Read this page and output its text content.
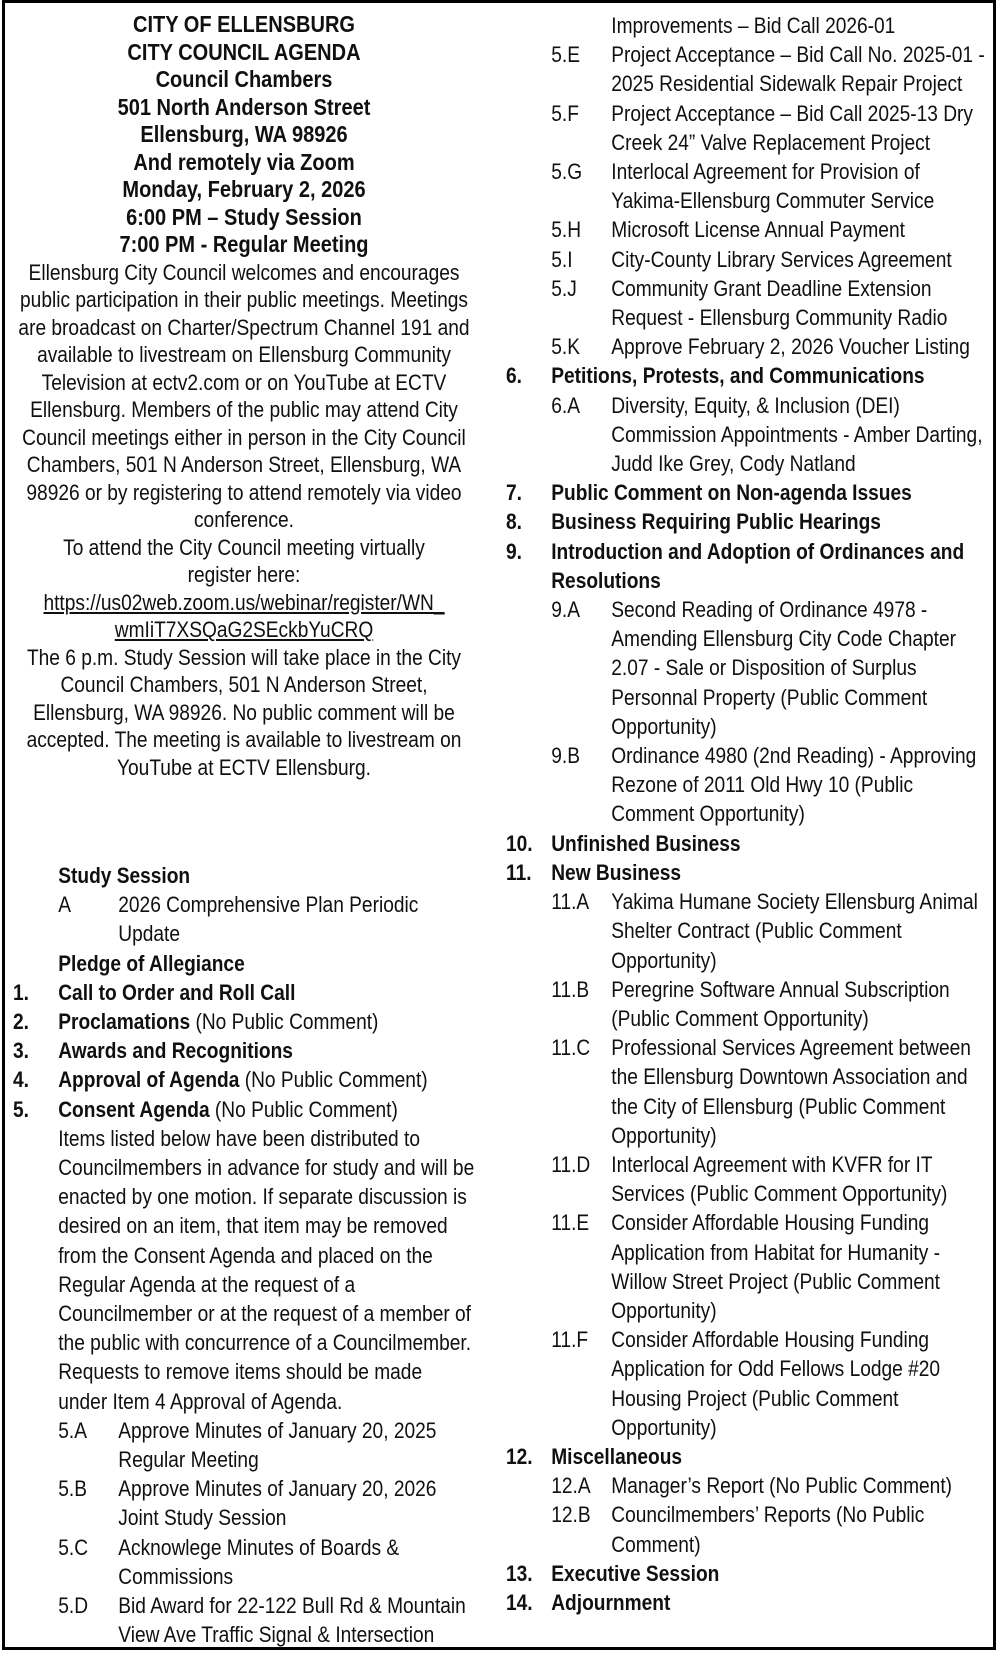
CITY OF ELLENSBURG
CITY COUNCIL AGENDA
Council Chambers
501 North Anderson Street
Ellensburg, WA 98926
And remotely via Zoom
Monday, February 2, 2026
6:00 PM – Study Session
7:00 PM - Regular Meeting
Ellensburg City Council welcomes and encourages public participation in their public meetings. Meetings are broadcast on Charter/Spectrum Channel 191 and available to livestream on Ellensburg Community Television at ectv2.com or on YouTube at ECTV Ellensburg. Members of the public may attend City Council meetings either in person in the City Council Chambers, 501 N Anderson Street, Ellensburg, WA 98926 or by registering to attend remotely via video conference.
To attend the City Council meeting virtually
register here:
https://us02web.zoom.us/webinar/register/WN_
wmIiT7XSQaG2SEckbYuCRQ
The 6 p.m. Study Session will take place in the City Council Chambers, 501 N Anderson Street, Ellensburg, WA 98926. No public comment will be accepted. The meeting is available to livestream on YouTube at ECTV Ellensburg.
Study Session
A 2026 Comprehensive Plan Periodic Update
Pledge of Allegiance
1. Call to Order and Roll Call
2. Proclamations (No Public Comment)
3. Awards and Recognitions
4. Approval of Agenda (No Public Comment)
5. Consent Agenda (No Public Comment)
Items listed below have been distributed to Councilmembers in advance for study and will be enacted by one motion. If separate discussion is desired on an item, that item may be removed from the Consent Agenda and placed on the Regular Agenda at the request of a Councilmember or at the request of a member of the public with concurrence of a Councilmember. Requests to remove items should be made under Item 4 Approval of Agenda.
5.A Approve Minutes of January 20, 2025 Regular Meeting
5.B Approve Minutes of January 20, 2026 Joint Study Session
5.C Acknowlege Minutes of Boards & Commissions
5.D Bid Award for 22-122 Bull Rd & Mountain View Ave Traffic Signal & Intersection
Improvements – Bid Call 2026-01
5.E Project Acceptance – Bid Call No. 2025-01 - 2025 Residential Sidewalk Repair Project
5.F Project Acceptance – Bid Call 2025-13 Dry Creek 24” Valve Replacement Project
5.G Interlocal Agreement for Provision of Yakima-Ellensburg Commuter Service
5.H Microsoft License Annual Payment
5.I City-County Library Services Agreement
5.J Community Grant Deadline Extension Request - Ellensburg Community Radio
5.K Approve February 2, 2026 Voucher Listing
6. Petitions, Protests, and Communications
6.A Diversity, Equity, & Inclusion (DEI) Commission Appointments - Amber Darting, Judd Ike Grey, Cody Natland
7. Public Comment on Non-agenda Issues
8. Business Requiring Public Hearings
9. Introduction and Adoption of Ordinances and Resolutions
9.A Second Reading of Ordinance 4978 - Amending Ellensburg City Code Chapter 2.07 - Sale or Disposition of Surplus Personnal Property (Public Comment Opportunity)
9.B Ordinance 4980 (2nd Reading) - Approving Rezone of 2011 Old Hwy 10 (Public Comment Opportunity)
10. Unfinished Business
11. New Business
11.A Yakima Humane Society Ellensburg Animal Shelter Contract (Public Comment Opportunity)
11.B Peregrine Software Annual Subscription (Public Comment Opportunity)
11.C Professional Services Agreement between the Ellensburg Downtown Association and the City of Ellensburg (Public Comment Opportunity)
11.D Interlocal Agreement with KVFR for IT Services (Public Comment Opportunity)
11.E Consider Affordable Housing Funding Application from Habitat for Humanity - Willow Street Project (Public Comment Opportunity)
11.F Consider Affordable Housing Funding Application for Odd Fellows Lodge #20 Housing Project (Public Comment Opportunity)
12. Miscellaneous
12.A Manager’s Report (No Public Comment)
12.B Councilmembers’ Reports (No Public Comment)
13. Executive Session
14. Adjournment
